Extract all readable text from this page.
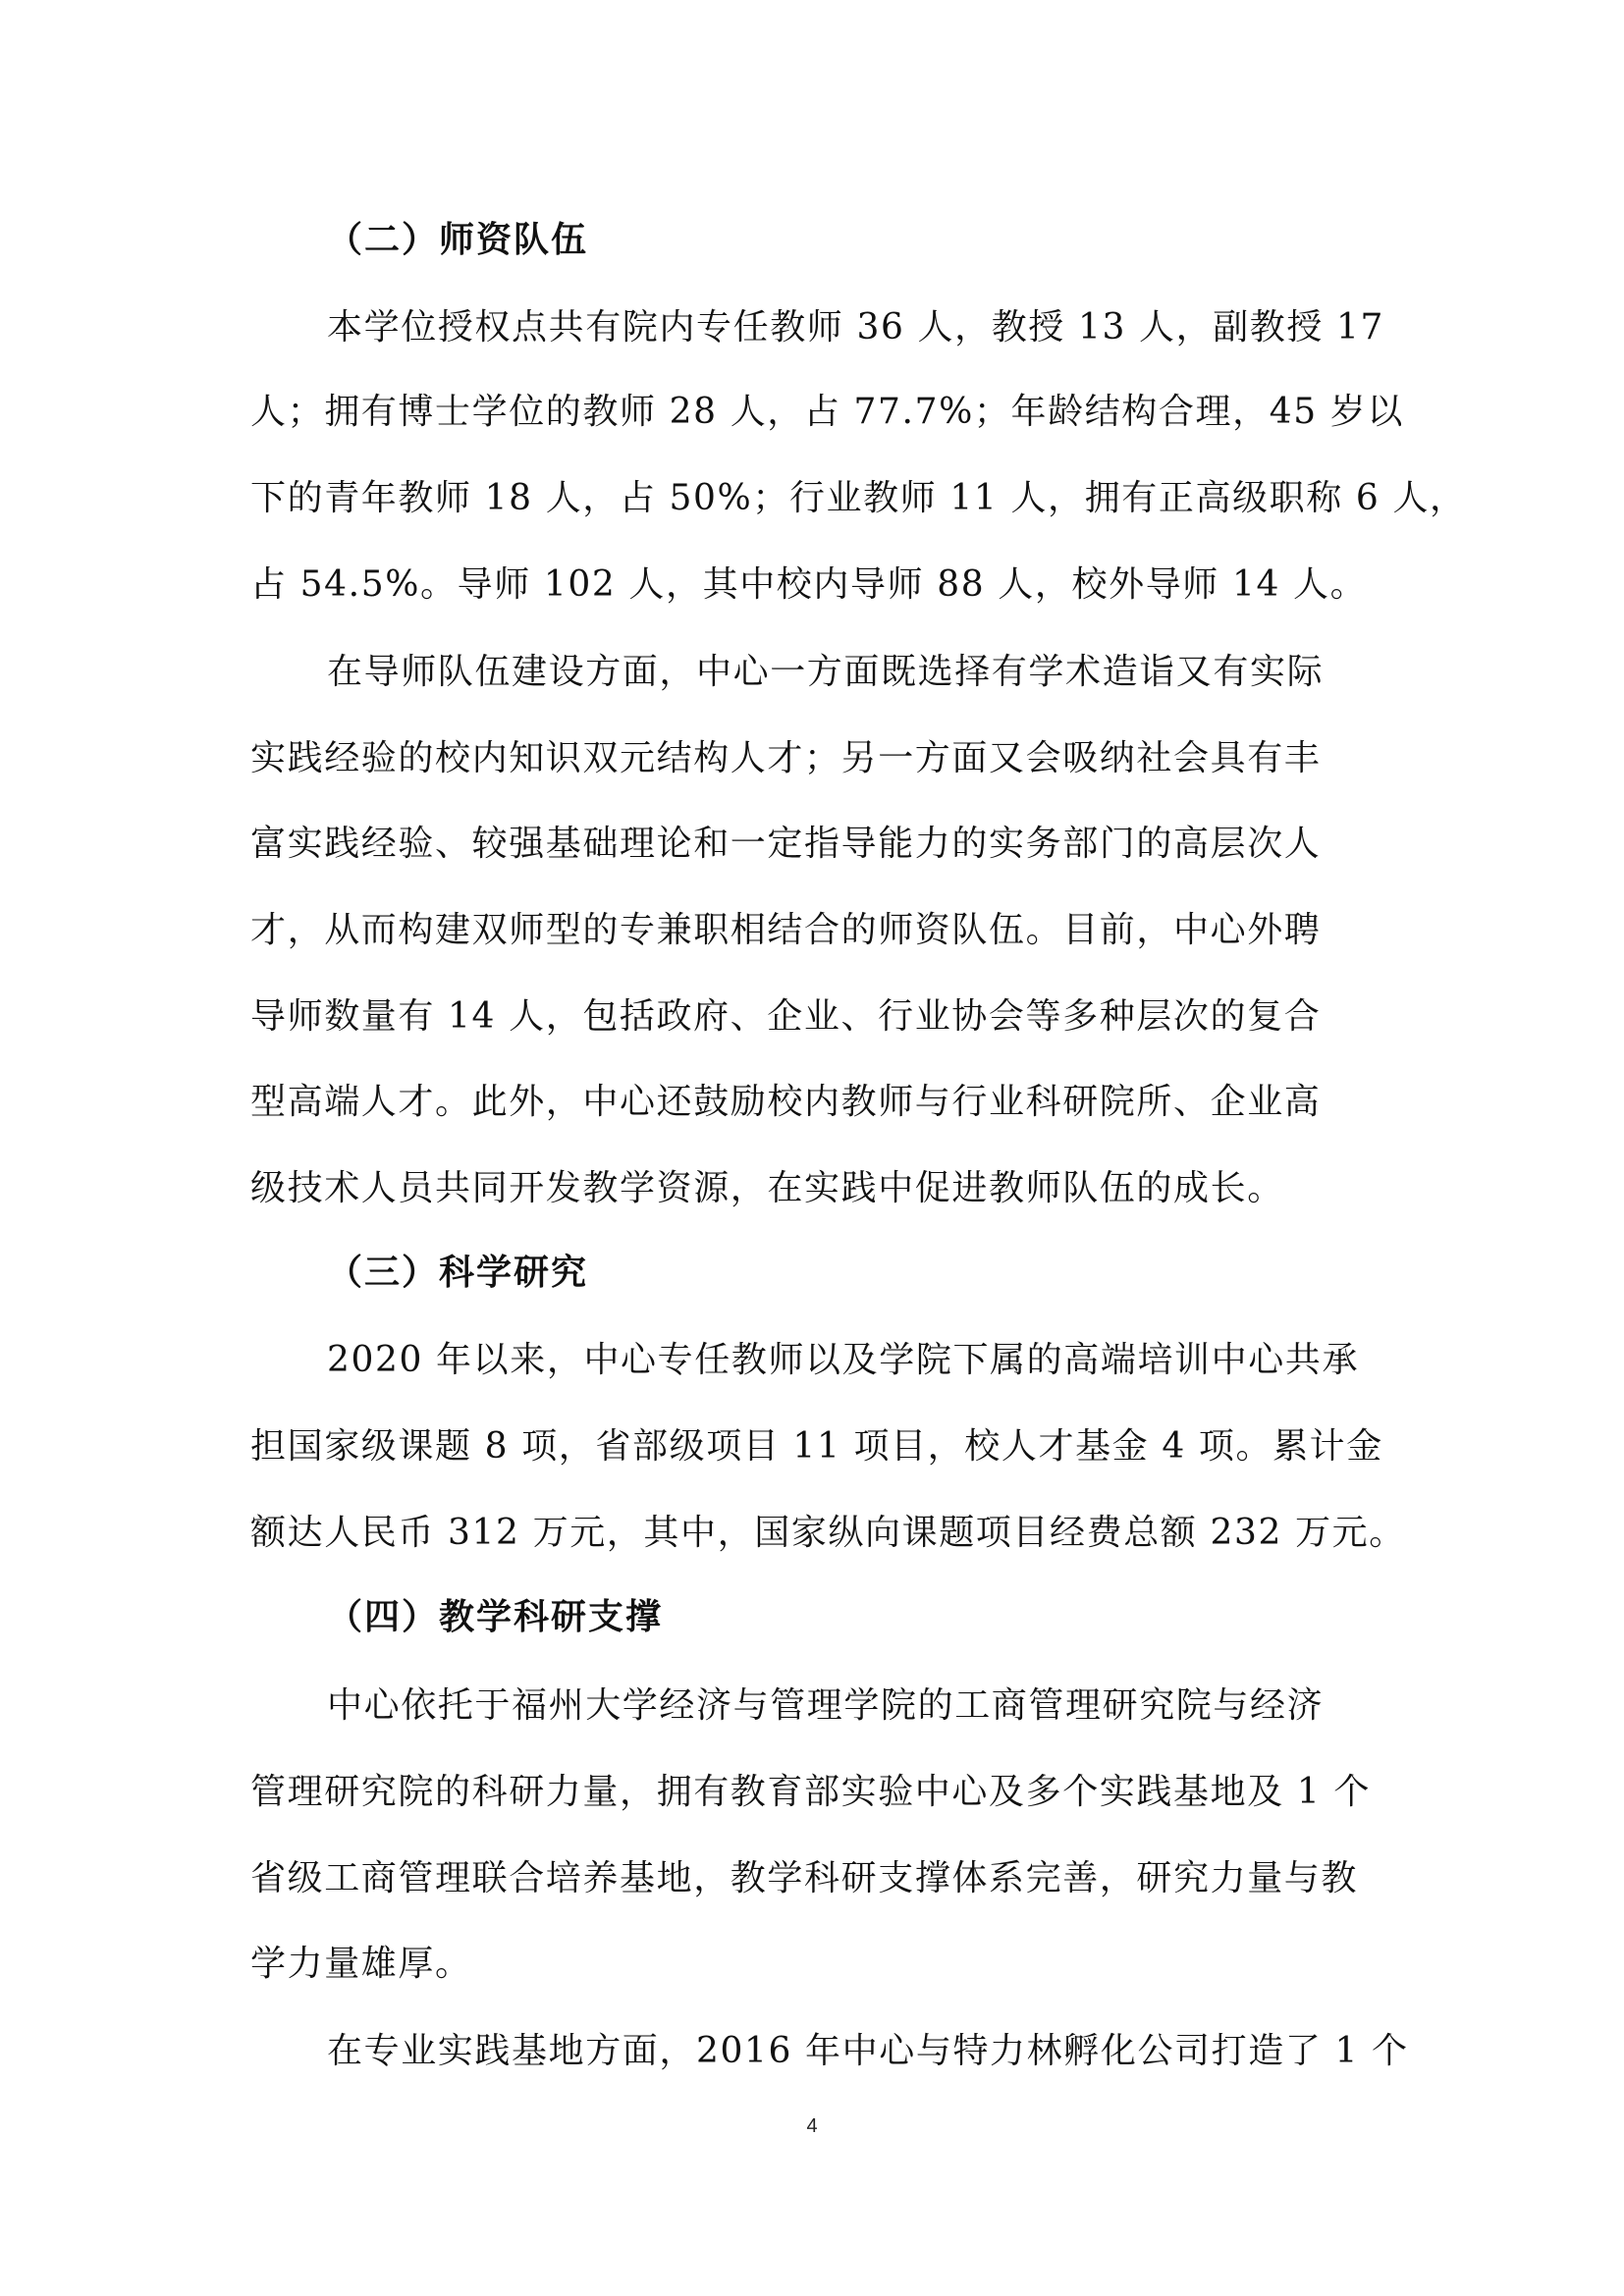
（二）师资队伍
本学位授权点共有院内专任教师 36 人，教授 13 人，副教授 17
人；拥有博士学位的教师 28 人，占 77.7%；年龄结构合理，45 岁以
下的青年教师 18 人，占 50%；行业教师 11 人，拥有正高级职称 6 人，
占 54.5%。导师 102 人，其中校内导师 88 人，校外导师 14 人。
在导师队伍建设方面，中心一方面既选择有学术造诣又有实际
实践经验的校内知识双元结构人才；另一方面又会吸纳社会具有丰
富实践经验、较强基础理论和一定指导能力的实务部门的高层次人
才，从而构建双师型的专兼职相结合的师资队伍。目前，中心外聘
导师数量有 14 人，包括政府、企业、行业协会等多种层次的复合
型高端人才。此外，中心还鼓励校内教师与行业科研院所、企业高
级技术人员共同开发教学资源，在实践中促进教师队伍的成长。
（三）科学研究
2020 年以来，中心专任教师以及学院下属的高端培训中心共承
担国家级课题 8 项，省部级项目 11 项目，校人才基金 4 项。累计金
额达人民币 312 万元，其中，国家纵向课题项目经费总额 232 万元。
（四）教学科研支撑
中心依托于福州大学经济与管理学院的工商管理研究院与经济
管理研究院的科研力量，拥有教育部实验中心及多个实践基地及 1 个
省级工商管理联合培养基地，教学科研支撑体系完善，研究力量与教
学力量雄厚。
在专业实践基地方面，2016 年中心与特力林孵化公司打造了 1 个
4
